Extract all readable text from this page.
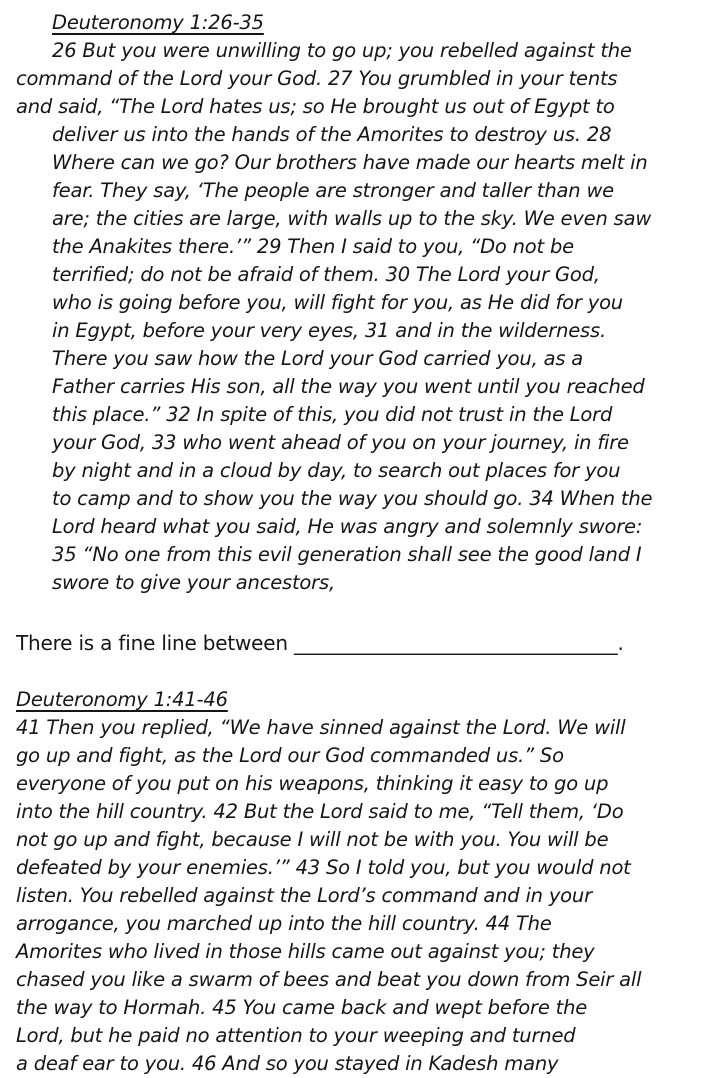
Deuteronomy 1:26-35
26 But you were unwilling to go up; you rebelled against the
command of the Lord your God. 27 You grumbled in your tents
and said, “The Lord hates us; so He brought us out of Egypt to
deliver us into the hands of the Amorites to destroy us. 28
Where can we go? Our brothers have made our hearts melt in
fear. They say, ‘The people are stronger and taller than we
are; the cities are large, with walls up to the sky. We even saw
the Anakites there.’” 29 Then I said to you, “Do not be
terrified; do not be afraid of them. 30 The Lord your God,
who is going before you, will fight for you, as He did for you
in Egypt, before your very eyes, 31 and in the wilderness.
There you saw how the Lord your God carried you, as a
Father carries His son, all the way you went until you reached
this place.” 32 In spite of this, you did not trust in the Lord
your God, 33 who went ahead of you on your journey, in fire
by night and in a cloud by day, to search out places for you
to camp and to show you the way you should go. 34 When the
Lord heard what you said, He was angry and solemnly swore:
35 “No one from this evil generation shall see the good land I
swore to give your ancestors,
There is a fine line between _________________________________.
Deuteronomy 1:41-46
41 Then you replied, “We have sinned against the Lord. We will
go up and fight, as the Lord our God commanded us.” So
everyone of you put on his weapons, thinking it easy to go up
into the hill country. 42 But the Lord said to me, “Tell them, ‘Do
not go up and fight, because I will not be with you. You will be
defeated by your enemies.’” 43 So I told you, but you would not
listen. You rebelled against the Lord’s command and in your
arrogance, you marched up into the hill country. 44 The
Amorites who lived in those hills came out against you; they
chased you like a swarm of bees and beat you down from Seir all
the way to Hormah. 45 You came back and wept before the
Lord, but he paid no attention to your weeping and turned
a deaf ear to you. 46 And so you stayed in Kadesh many
